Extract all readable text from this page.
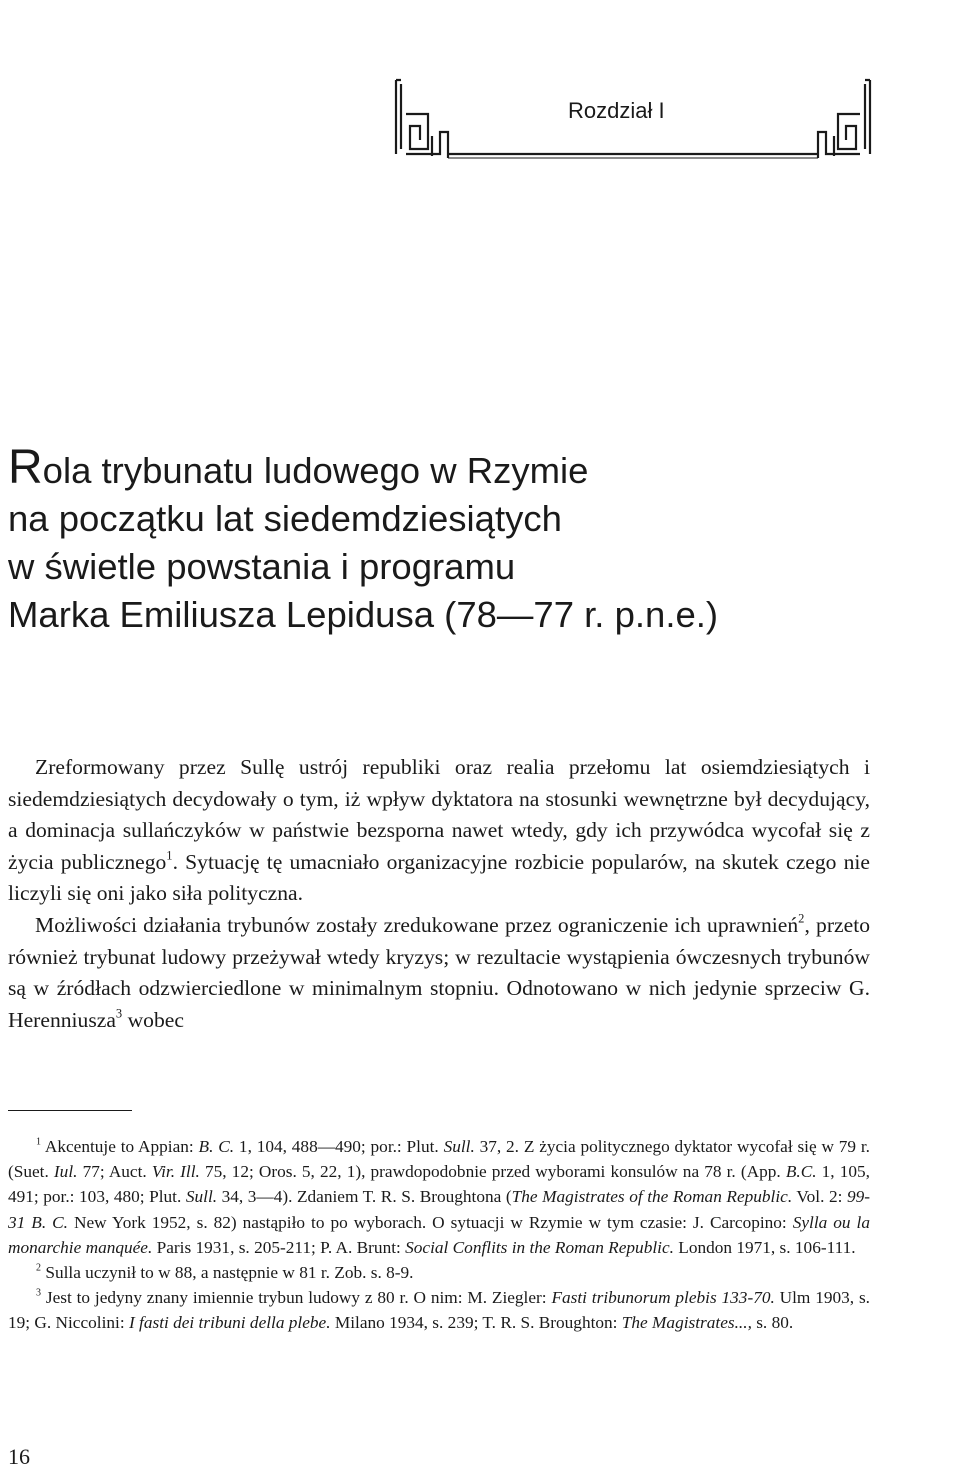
Rozdział I
Rola trybunatu ludowego w Rzymie
na początku lat siedemdziesiątych
w świetle powstania i programu
Marka Emiliusza Lepidusa (78—77 r. p.n.e.)

Zreformowany przez Sullę ustrój republiki oraz realia przełomu lat osiemdziesiątych i siedemdziesiątych decydowały o tym, iż wpływ dyktatora na stosunki wewnętrzne był decydujący, a dominacja sullańczyków w państwie bezsporna nawet wtedy, gdy ich przywódca wycofał się z życia publicznego$^1$. Sytuację tę umacniało organizacyjne rozbicie popularów, na skutek czego nie liczyli się oni jako siła polityczna.

Możliwości działania trybunów zostały zredukowane przez ograniczenie ich uprawnień$^2$, przeto również trybunat ludowy przeżywał wtedy kryzys; w rezultacie wystąpienia ówczesnych trybunów są w źródłach odzwierciedlone w minimalnym stopniu. Odnotowano w nich jedynie sprzeciw G. Herenniusza$^3$ wobec

$^1$ Akcentuje to Appian: B. C. 1, 104, 488—490; por.: Plut. Sull. 37, 2. Z życia politycznego dyktator wycofał się w 79 r. (Suet. Iul. 77; Auct. Vir. Ill. 75, 12; Oros. 5, 22, 1), prawdopodobnie przed wyborami konsulów na 78 r. (App. B.C. 1, 105, 491; por.: 103, 480; Plut. Sull. 34, 3—4). Zdaniem T. R. S. Broughtona (The Magistrates of the Roman Republic. Vol. 2: 99-31 B. C. New York 1952, s. 82) nastąpiło to po wyborach. O sytuacji w Rzymie w tym czasie: J. Carcopino: Sylla ou la monarchie manquée. Paris 1931, s. 205-211; P. A. Brunt: Social Conflits in the Roman Republic. London 1971, s. 106-111.

$^2$ Sulla uczynił to w 88, a następnie w 81 r. Zob. s. 8-9.

$^3$ Jest to jedyny znany imiennie trybun ludowy z 80 r. O nim: M. Ziegler: Fasti tribunorum plebis 133-70. Ulm 1903, s. 19; G. Niccolini: I fasti dei tribuni della plebe. Milano 1934, s. 239; T. R. S. Broughton: The Magistrates..., s. 80.

16
